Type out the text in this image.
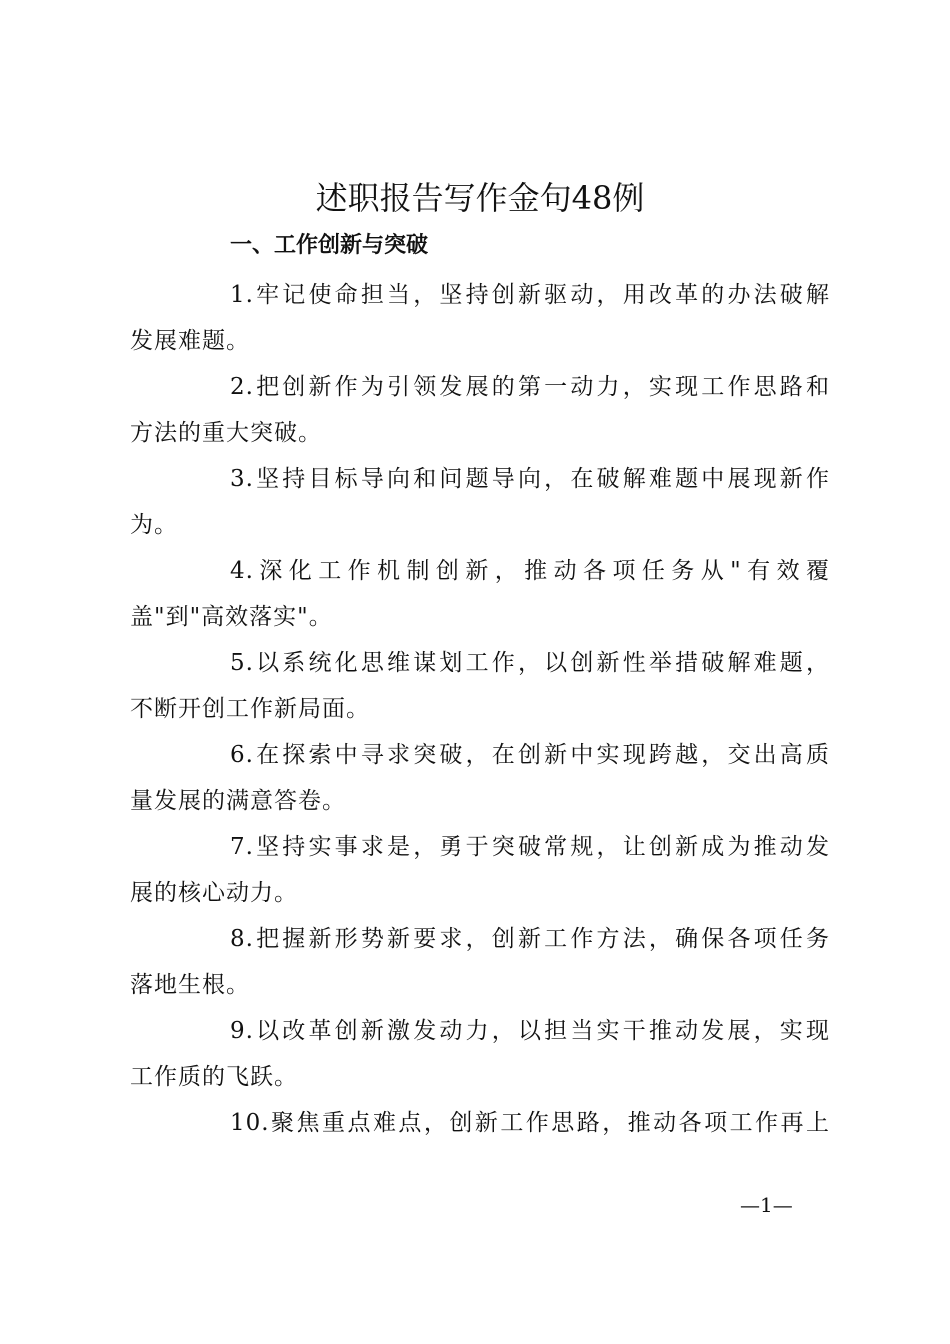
述职报告写作金句48例
一、工作创新与突破
1.牢记使命担当，坚持创新驱动，用改革的办法破解
发展难题。
2.把创新作为引领发展的第一动力，实现工作思路和
方法的重大突破。
3.坚持目标导向和问题导向，在破解难题中展现新作
为。
4.深化工作机制创新，推动各项任务从"有效覆
盖"到"高效落实"。
5.以系统化思维谋划工作，以创新性举措破解难题，
不断开创工作新局面。
6.在探索中寻求突破，在创新中实现跨越，交出高质
量发展的满意答卷。
7.坚持实事求是，勇于突破常规，让创新成为推动发
展的核心动力。
8.把握新形势新要求，创新工作方法，确保各项任务
落地生根。
9.以改革创新激发动力，以担当实干推动发展，实现
工作质的飞跃。
10.聚焦重点难点，创新工作思路，推动各项工作再上
—1—
